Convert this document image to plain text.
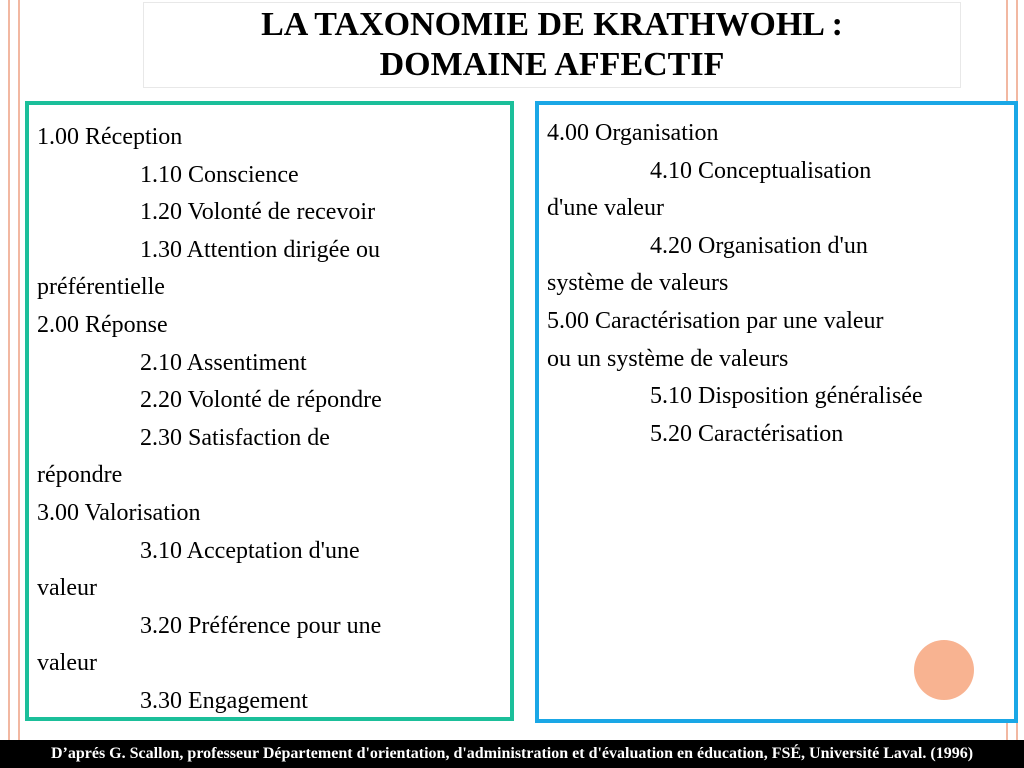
LA TAXONOMIE DE KRATHWOHL :
DOMAINE AFFECTIF
1.00 Réception
1.10 Conscience
1.20 Volonté de recevoir
1.30 Attention dirigée ou
préférentielle
2.00 Réponse
2.10 Assentiment
2.20 Volonté de répondre
2.30 Satisfaction de
répondre
3.00 Valorisation
3.10 Acceptation d'une
valeur
3.20 Préférence pour une
valeur
3.30 Engagement
4.00 Organisation
4.10 Conceptualisation
d'une valeur
4.20 Organisation d'un
système de valeurs
5.00 Caractérisation par une valeur
ou un système de valeurs
5.10 Disposition généralisée
5.20 Caractérisation
D’aprés G. Scallon, professeur Département d'orientation, d'administration et d'évaluation en éducation, FSÉ, Université Laval. (1996)
